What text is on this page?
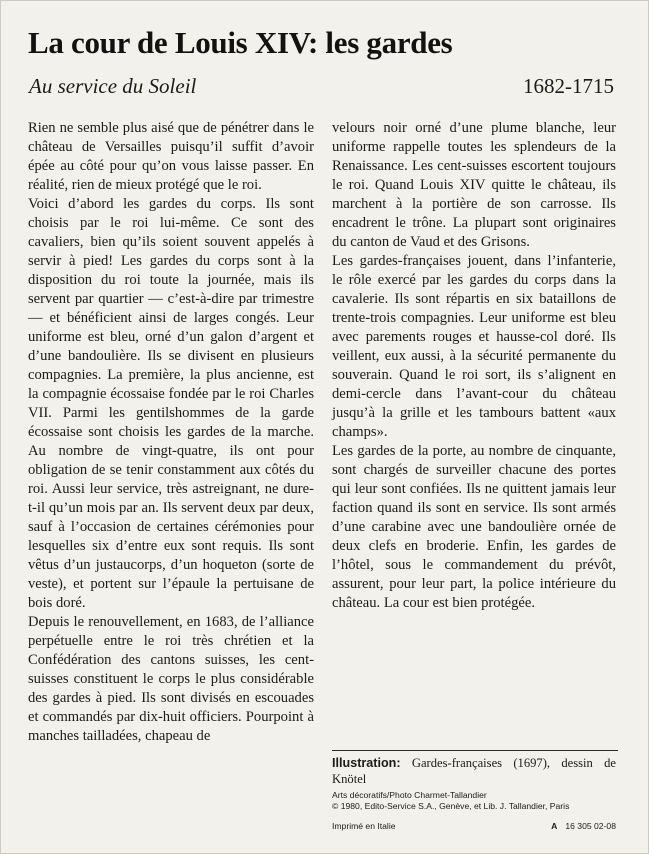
La cour de Louis XIV: les gardes
Au service du Soleil	1682-1715

Rien ne semble plus aisé que de pénétrer dans le château de Versailles puisqu’il suffit d’avoir épée au côté pour qu’on vous laisse passer. En réalité, rien de mieux protégé que le roi.

Voici d’abord les gardes du corps. Ils sont choisis par le roi lui-même. Ce sont des cavaliers, bien qu’ils soient souvent appelés à servir à pied! Les gardes du corps sont à la disposition du roi toute la journée, mais ils servent par quartier — c’est-à-dire par trimestre — et bénéficient ainsi de larges congés. Leur uniforme est bleu, orné d’un galon d’argent et d’une bandoulière. Ils se divisent en plusieurs compagnies. La première, la plus ancienne, est la compagnie écossaise fondée par le roi Charles VII. Parmi les gentilshommes de la garde écossaise sont choisis les gardes de la marche. Au nombre de vingt-quatre, ils ont pour obligation de se tenir constamment aux côtés du roi. Aussi leur service, très astreignant, ne dure-t-il qu’un mois par an. Ils servent deux par deux, sauf à l’occasion de certaines cérémonies pour lesquelles six d’entre eux sont requis. Ils sont vêtus d’un justaucorps, d’un hoqueton (sorte de veste), et portent sur l’épaule la pertuisane de bois doré.

Depuis le renouvellement, en 1683, de l’alliance perpétuelle entre le roi très chrétien et la Confédération des cantons suisses, les cent-suisses constituent le corps le plus considérable des gardes à pied. Ils sont divisés en escouades et commandés par dix-huit officiers. Pourpoint à manches tailladées, chapeau de

velours noir orné d’une plume blanche, leur uniforme rappelle toutes les splendeurs de la Renaissance. Les cent-suisses escortent toujours le roi. Quand Louis XIV quitte le château, ils marchent à la portière de son carrosse. Ils encadrent le trône. La plupart sont originaires du canton de Vaud et des Grisons.

Les gardes-françaises jouent, dans l’infanterie, le rôle exercé par les gardes du corps dans la cavalerie. Ils sont répartis en six bataillons de trente-trois compagnies. Leur uniforme est bleu avec parements rouges et hausse-col doré. Ils veillent, eux aussi, à la sécurité permanente du souverain. Quand le roi sort, ils s’alignent en demi-cercle dans l’avant-cour du château jusqu’à la grille et les tambours battent «aux champs».

Les gardes de la porte, au nombre de cinquante, sont chargés de surveiller chacune des portes qui leur sont confiées. Ils ne quittent jamais leur faction quand ils sont en service. Ils sont armés d’une carabine avec une bandoulière ornée de deux clefs en broderie. Enfin, les gardes de l’hôtel, sous le commandement du prévôt, assurent, pour leur part, la police intérieure du château. La cour est bien protégée.

Illustration: Gardes-françaises (1697), dessin de Knötel
Arts décoratifs/Photo Charmet-Tallandier
© 1980, Edito-Service S.A., Genève, et Lib. J. Tallandier, Paris
Imprimé en Italie	A 16 305 02-08
